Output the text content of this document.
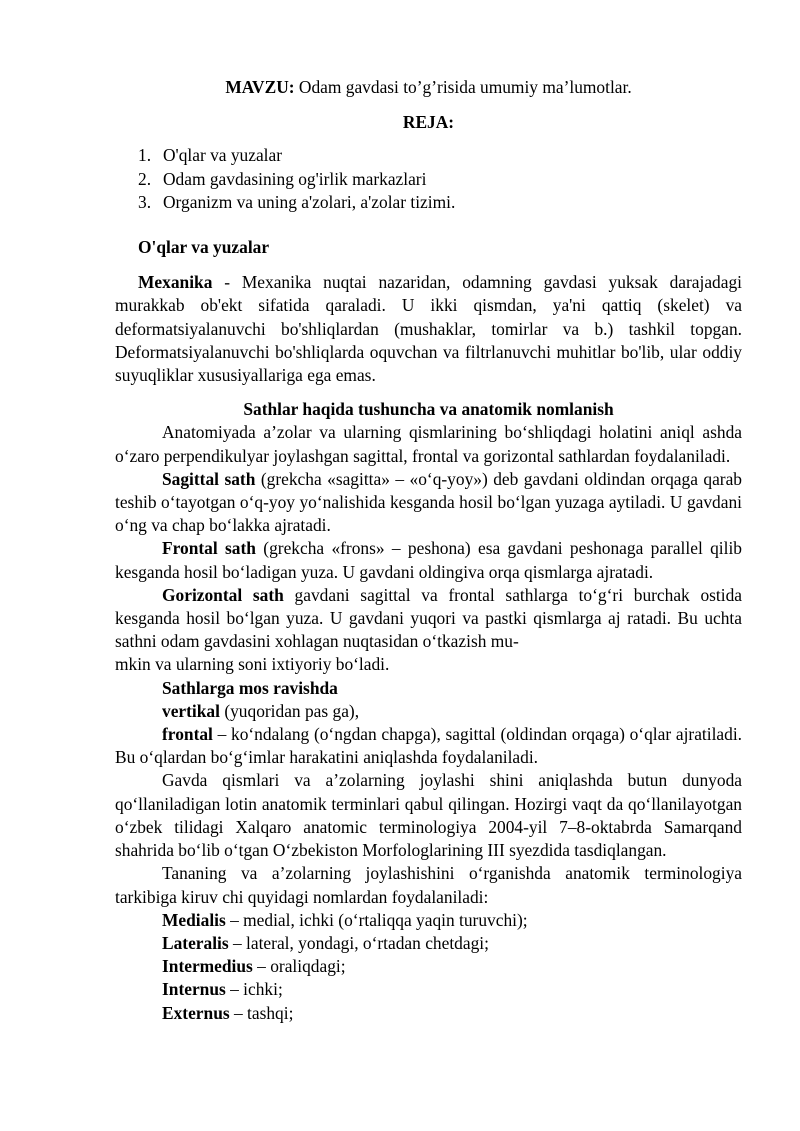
MAVZU: Odam gavdasi to’g’risida umumiy ma’lumotlar.

REJA:

1. O'qlar va yuzalar
2. Odam gavdasining og'irlik markazlari
3. Organizm va uning a'zolari, a'zolar tizimi.

O'qlar va yuzalar

Mexanika - Mexanika nuqtai nazaridan, odamning gavdasi yuksak darajadagi murakkab ob'ekt sifatida qaraladi. U ikki qismdan, ya'ni qattiq (skelet) va deformatsiyalanuvchi bo'shliqlardan (mushaklar, tomirlar va b.) tashkil topgan. Deformatsiyalanuvchi bo'shliqlarda oquvchan va filtrlanuvchi muhitlar bo'lib, ular oddiy suyuqliklar xususiyallariga ega emas.

Sathlar haqida tushuncha va anatomik nomlanish

Anatomiyada a’zolar va ularning qismlarining bo‘shliqdagi holatini aniql ashda o‘zaro perpendikulyar joylashgan sagittal, frontal va gorizontal sathlardan foydalaniladi.

Sagittal sath (grekcha «sagitta» – «o‘q-yoy») deb gavdani oldindan orqaga qarab teshib o‘tayotgan o‘q-yoy yo‘nalishida kesganda hosil bo‘lgan yuzaga aytiladi. U gavdani o‘ng va chap bo‘lakka ajratadi.

Frontal sath (grekcha «frons» – peshona) esa gavdani peshonaga parallel qilib kesganda hosil bo‘ladigan yuza. U gavdani oldingiva orqa qismlarga ajratadi.

Gorizontal sath gavdani sagittal va frontal sathlarga to‘g‘ri burchak ostida kesganda hosil bo‘lgan yuza. U gavdani yuqori va pastki qismlarga aj ratadi. Bu uchta sathni odam gavdasini xohlagan nuqtasidan o‘tkazish mu-

mkin va ularning soni ixtiyoriy bo‘ladi.

Sathlarga mos ravishda

vertikal (yuqoridan pas ga),

frontal – ko‘ndalang (o‘ngdan chapga), sagittal (oldindan orqaga) o‘qlar ajratiladi. Bu o‘qlardan bo‘g‘imlar harakatini aniqlashda foydalaniladi.

Gavda qismlari va a’zolarning joylashi shini aniqlashda butun dunyoda qo‘llaniladigan lotin anatomik terminlari qabul qilingan. Hozirgi vaqt da qo‘llanilayotgan o‘zbek tilidagi Xalqaro anatomic terminologiya 2004-yil 7–8-oktabrda Samarqand shahrida bo‘lib o‘tgan O‘zbekiston Morfologlarining III syezdida tasdiqlangan.

Tananing va a’zolarning joylashishini o‘rganishda anatomik terminologiya tarkibiga kiruv chi quyidagi nomlardan foydalaniladi:

Medialis – medial, ichki (o‘rtaliqqa yaqin turuvchi);

Lateralis – lateral, yondagi, o‘rtadan chetdagi;

Intermedius – oraliqdagi;

Internus – ichki;

Externus – tashqi;
